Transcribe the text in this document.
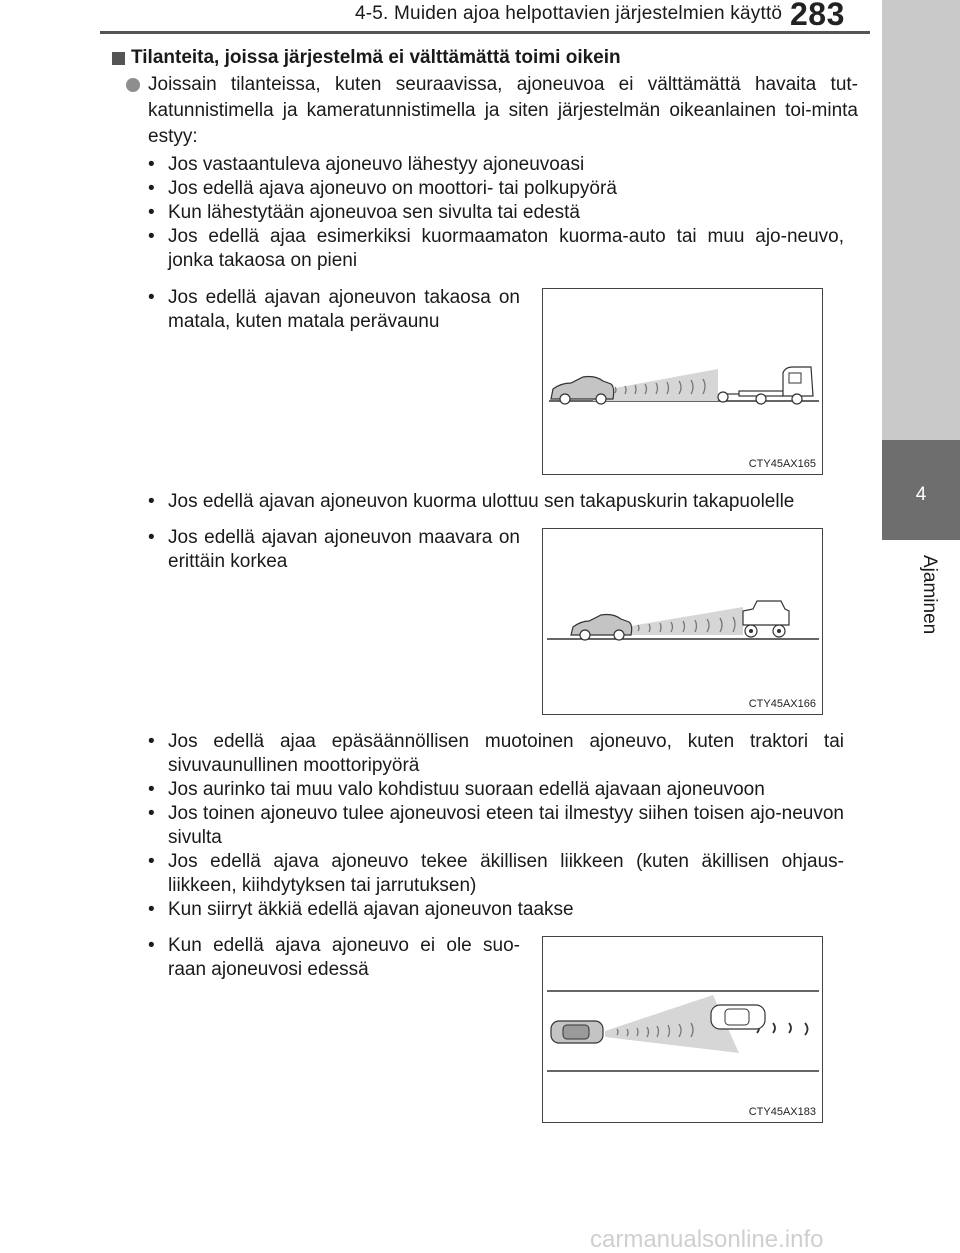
4-5. Muiden ajoa helpottavien järjestelmien käyttö 283
4
Ajaminen
Tilanteita, joissa järjestelmä ei välttämättä toimi oikein

Joissain tilanteissa, kuten seuraavissa, ajoneuvoa ei välttämättä havaita tut-katunnistimella ja kameratunnistimella ja siten järjestelmän oikeanlainen toi-minta estyy:

• Jos vastaantuleva ajoneuvo lähestyy ajoneuvoasi
• Jos edellä ajava ajoneuvo on moottori- tai polkupyörä
• Kun lähestytään ajoneuvoa sen sivulta tai edestä
• Jos edellä ajaa esimerkiksi kuormaamaton kuorma-auto tai muu ajo-neuvo, jonka takaosa on pieni
• Jos edellä ajavan ajoneuvon takaosa on matala, kuten matala perävaunu
CTY45AX165
• Jos edellä ajavan ajoneuvon kuorma ulottuu sen takapuskurin takapuolelle
• Jos edellä ajavan ajoneuvon maavara on erittäin korkea
CTY45AX166
• Jos edellä ajaa epäsäännöllisen muotoinen ajoneuvo, kuten traktori tai sivuvaunullinen moottoripyörä
• Jos aurinko tai muu valo kohdistuu suoraan edellä ajavaan ajoneuvoon
• Jos toinen ajoneuvo tulee ajoneuvosi eteen tai ilmestyy siihen toisen ajo-neuvon sivulta
• Jos edellä ajava ajoneuvo tekee äkillisen liikkeen (kuten äkillisen ohjaus-liikkeen, kiihdytyksen tai jarrutuksen)
• Kun siirryt äkkiä edellä ajavan ajoneuvon taakse
• Kun edellä ajava ajoneuvo ei ole suo-raan ajoneuvosi edessä
CTY45AX183
carmanualsonline.info
